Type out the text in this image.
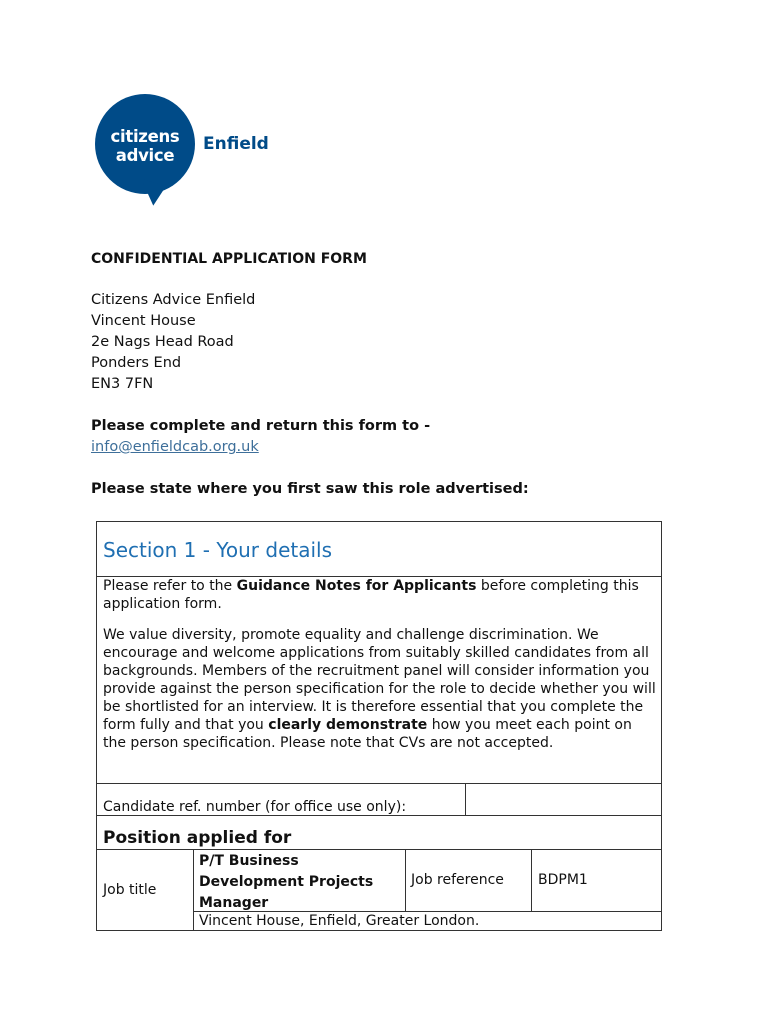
citizens
advice
Enfield
CONFIDENTIAL APPLICATION FORM
Citizens Advice Enfield
Vincent House
2e Nags Head Road
Ponders End
EN3 7FN
Please complete and return this form to -
info@enfieldcab.org.uk
Please state where you first saw this role advertised:
Section 1 - Your details
Please refer to the Guidance Notes for Applicants before completing this application form.
We value diversity, promote equality and challenge discrimination. We encourage and welcome applications from suitably skilled candidates from all backgrounds. Members of the recruitment panel will consider information you provide against the person specification for the role to decide whether you will be shortlisted for an interview. It is therefore essential that you complete the form fully and that you clearly demonstrate how you meet each point on the person specification. Please note that CVs are not accepted.
Candidate ref. number (for office use only):
Position applied for
Job title
P/T Business Development Projects Manager
Job reference BDPM1
Vincent House, Enfield, Greater London.
